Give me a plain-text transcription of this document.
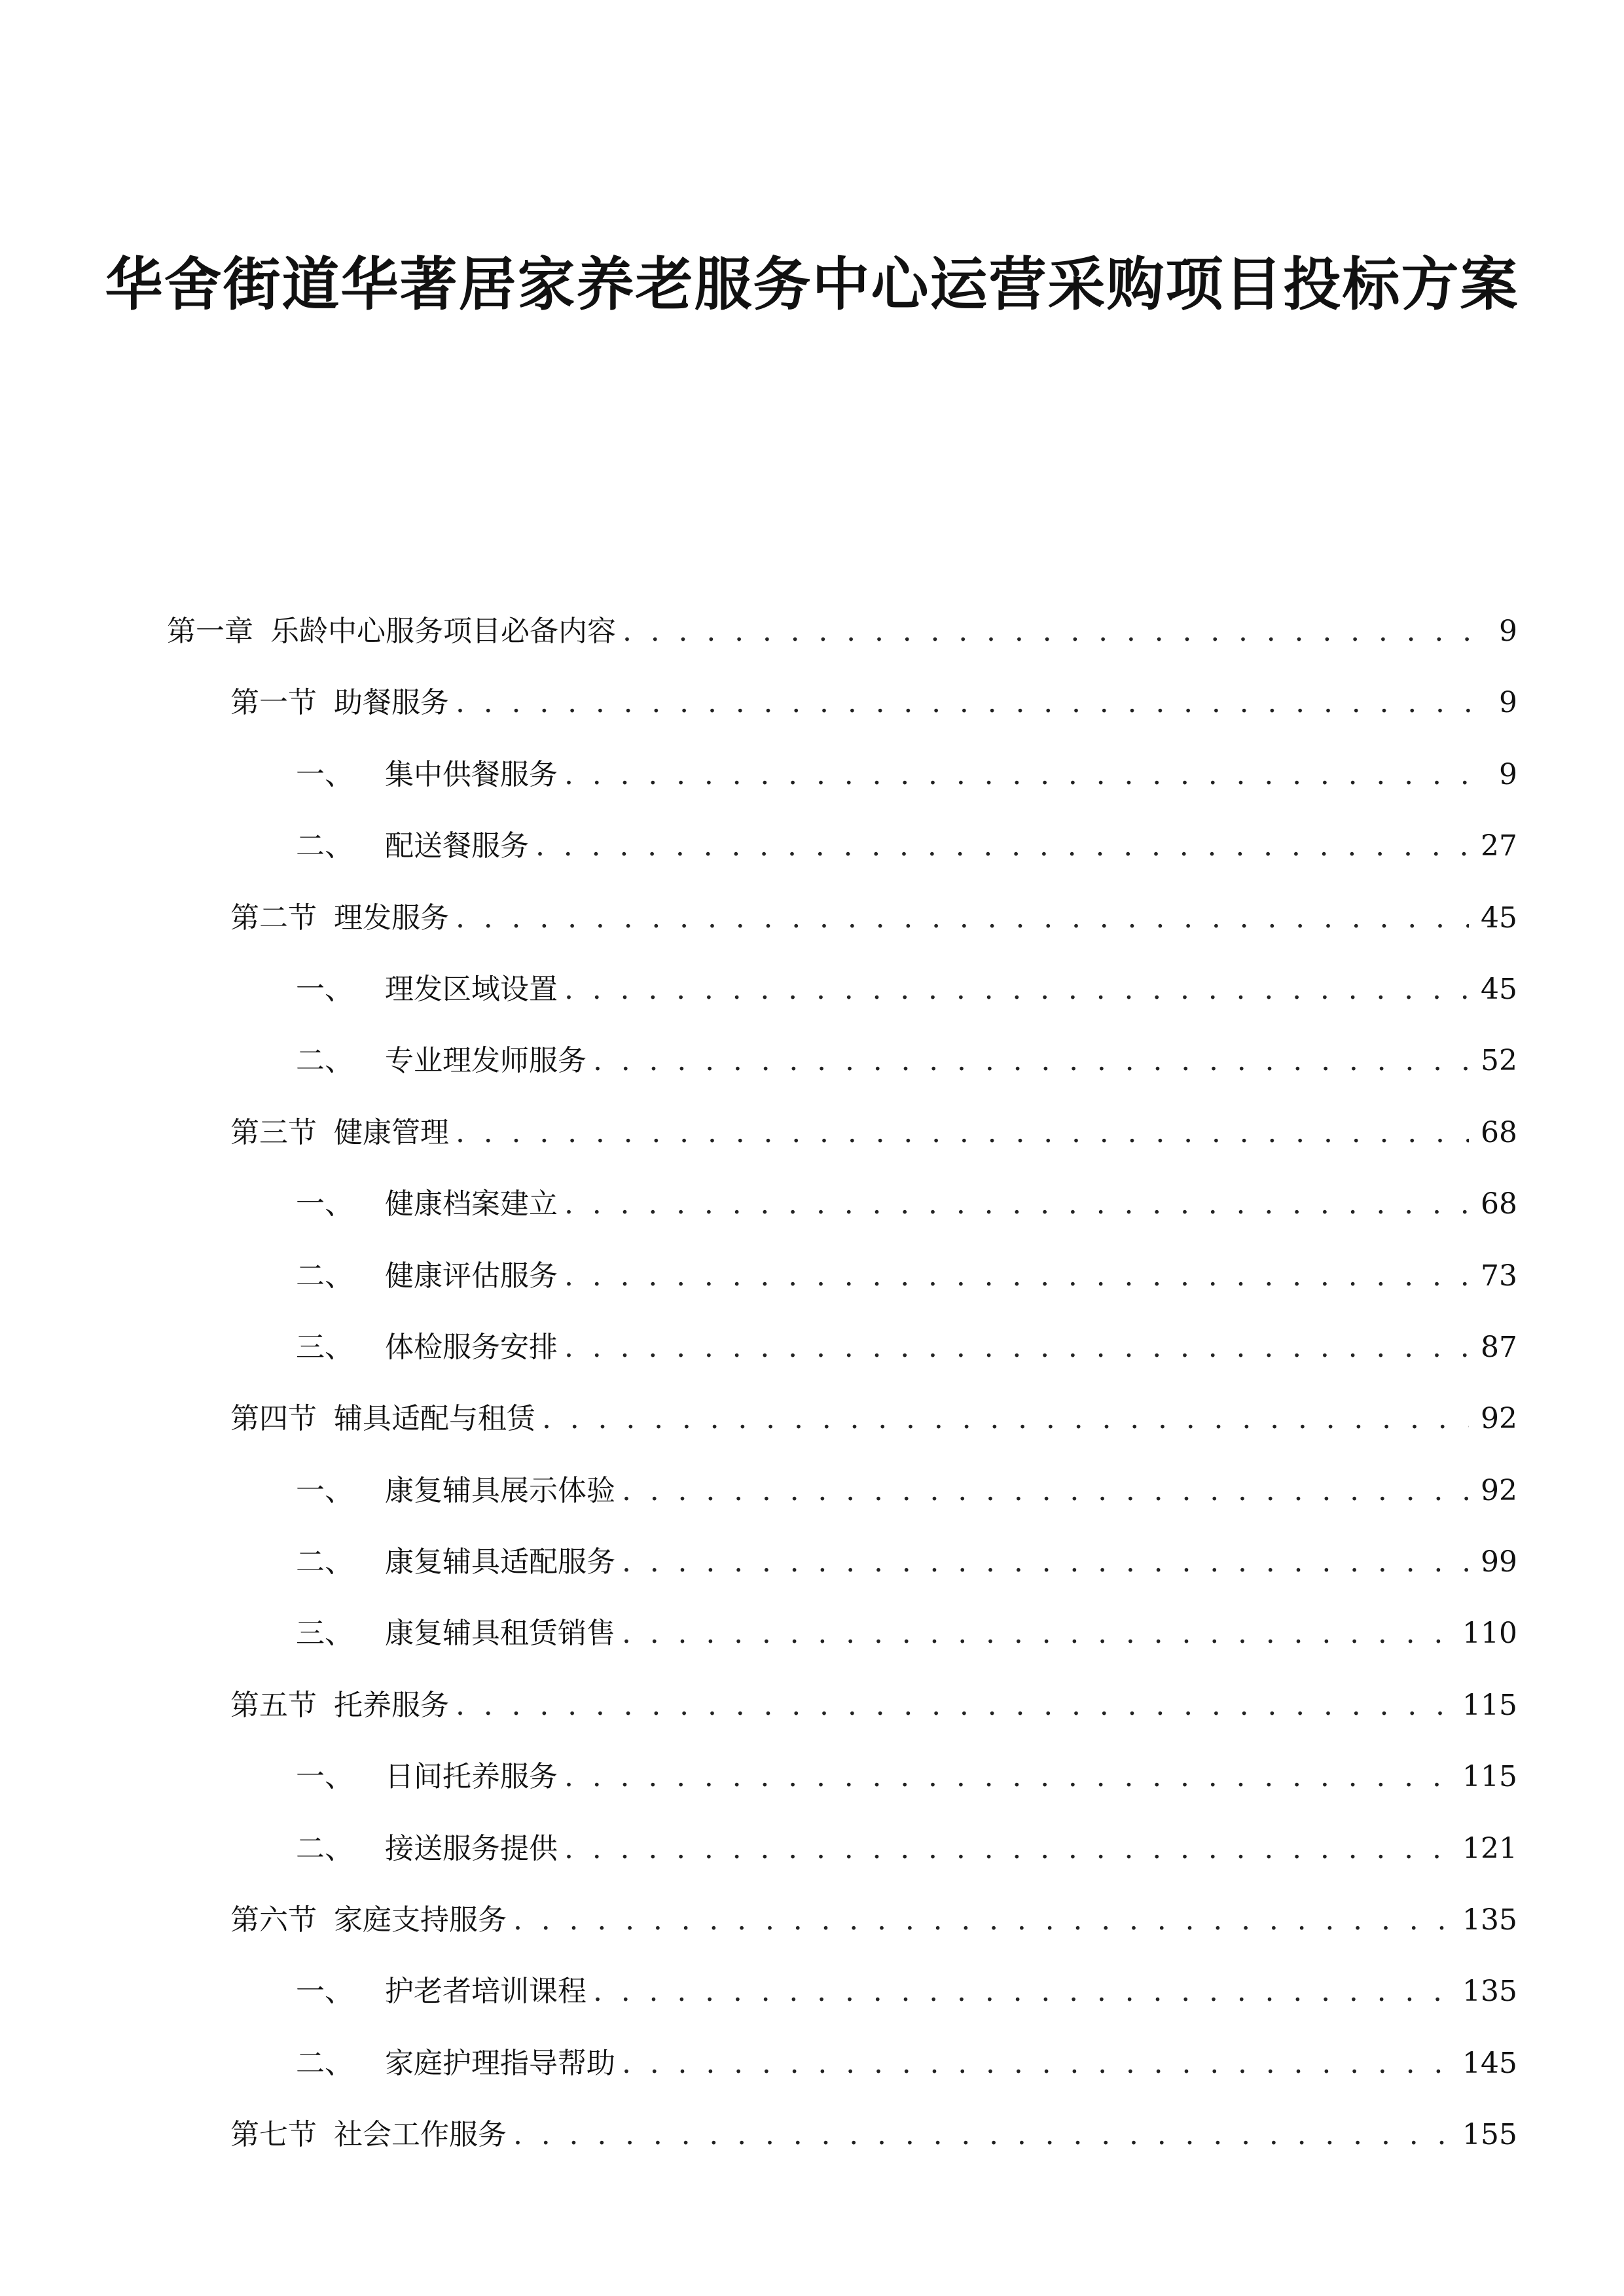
华舍街道华著居家养老服务中心运营采购项目投标方案
第一章 乐龄中心服务项目必备内容 . . .	9
第一节 助餐服务 . . .	9
一、 集中供餐服务 . . .	9
二、 配送餐服务 . . .	27
第二节 理发服务 . . .	45
一、 理发区域设置 . . .	45
二、 专业理发师服务 . . .	52
第三节 健康管理 . . .	68
一、 健康档案建立 . . .	68
二、 健康评估服务 . . .	73
三、 体检服务安排 . . .	87
第四节 辅具适配与租赁 . . .	92
一、 康复辅具展示体验 . . .	92
二、 康复辅具适配服务 . . .	99
三、 康复辅具租赁销售 . . .	110
第五节 托养服务 . . .	115
一、 日间托养服务 . . .	115
二、 接送服务提供 . . .	121
第六节 家庭支持服务 . . .	135
一、 护老者培训课程 . . .	135
二、 家庭护理指导帮助 . . .	145
第七节 社会工作服务 . . .	155
